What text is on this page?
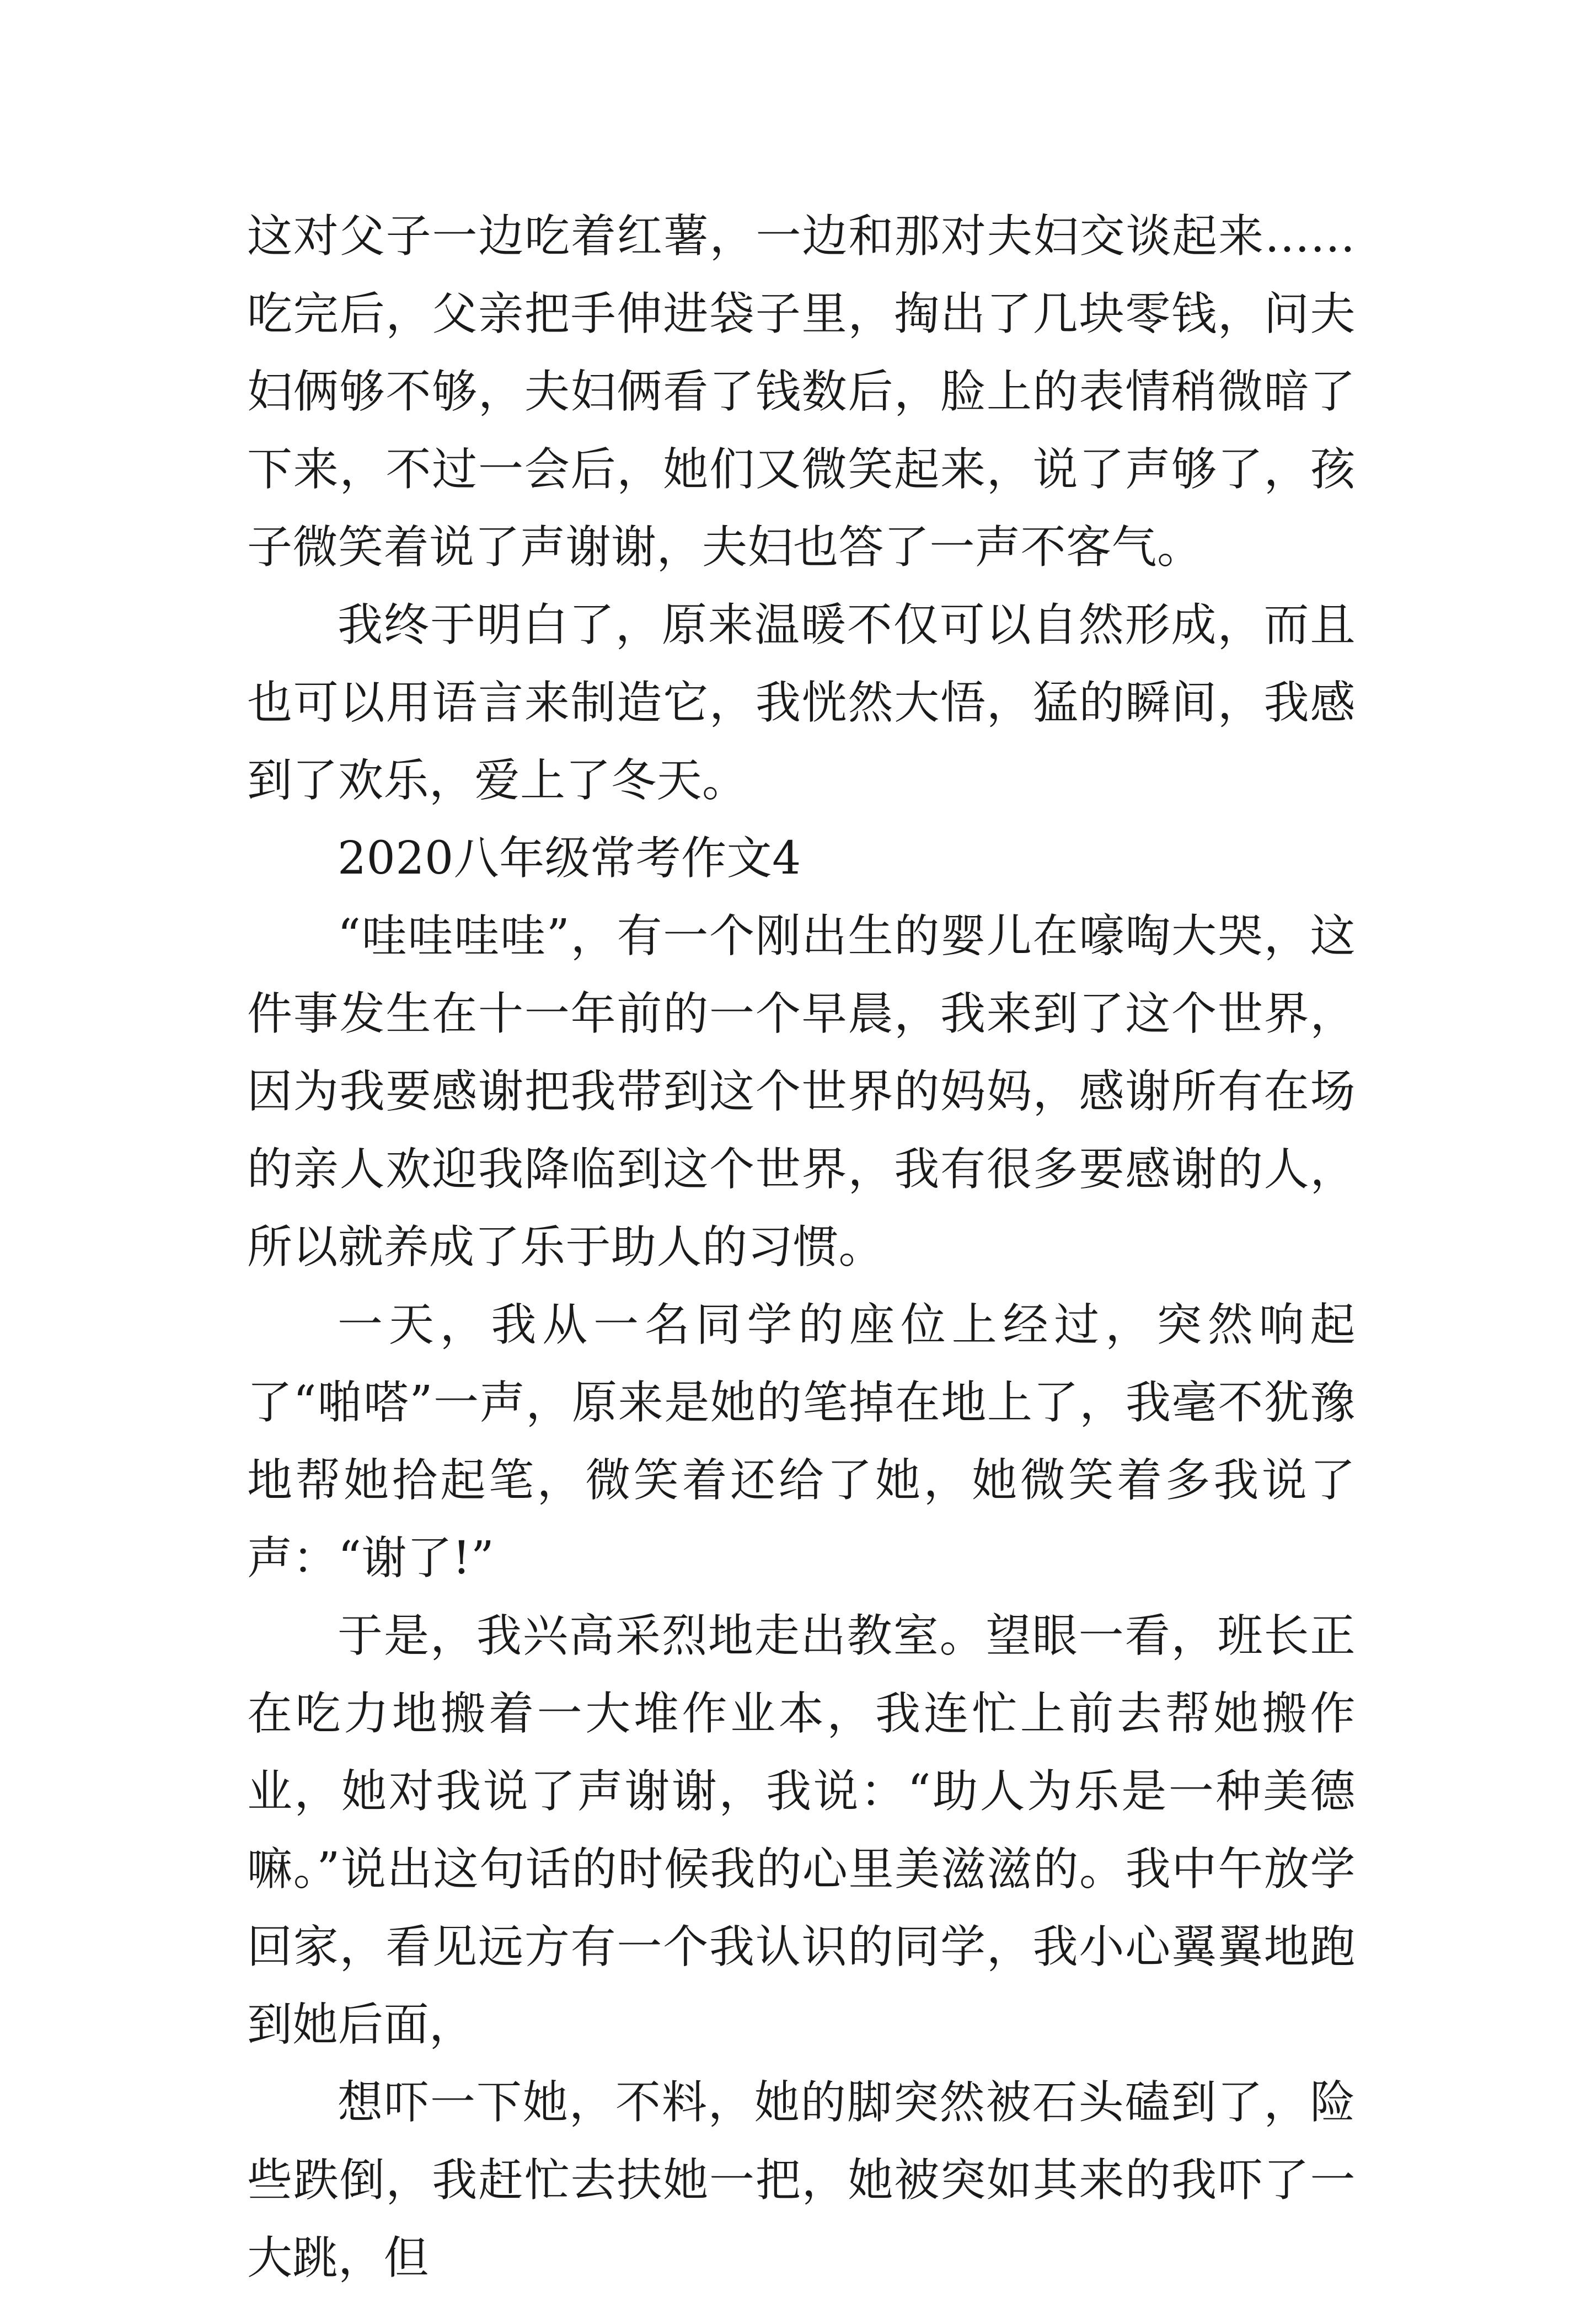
这对父子一边吃着红薯，一边和那对夫妇交谈起来……吃完后，父亲把手伸进袋子里，掏出了几块零钱，问夫妇俩够不够，夫妇俩看了钱数后，脸上的表情稍微暗了下来，不过一会后，她们又微笑起来，说了声够了，孩子微笑着说了声谢谢，夫妇也答了一声不客气。

我终于明白了，原来温暖不仅可以自然形成，而且也可以用语言来制造它，我恍然大悟，猛的瞬间，我感到了欢乐，爱上了冬天。

2020八年级常考作文4

“哇哇哇哇”，有一个刚出生的婴儿在嚎啕大哭，这件事发生在十一年前的一个早晨，我来到了这个世界，因为我要感谢把我带到这个世界的妈妈，感谢所有在场的亲人欢迎我降临到这个世界，我有很多要感谢的人，所以就养成了乐于助人的习惯。

一天，我从一名同学的座位上经过，突然响起了“啪嗒”一声，原来是她的笔掉在地上了，我毫不犹豫地帮她拾起笔，微笑着还给了她，她微笑着多我说了声：“谢了!”

于是，我兴高采烈地走出教室。望眼一看，班长正在吃力地搬着一大堆作业本，我连忙上前去帮她搬作业，她对我说了声谢谢，我说：“助人为乐是一种美德嘛。”说出这句话的时候我的心里美滋滋的。我中午放学回家，看见远方有一个我认识的同学，我小心翼翼地跑到她后面，

想吓一下她，不料，她的脚突然被石头磕到了，险些跌倒，我赶忙去扶她一把，她被突如其来的我吓了一大跳，但
